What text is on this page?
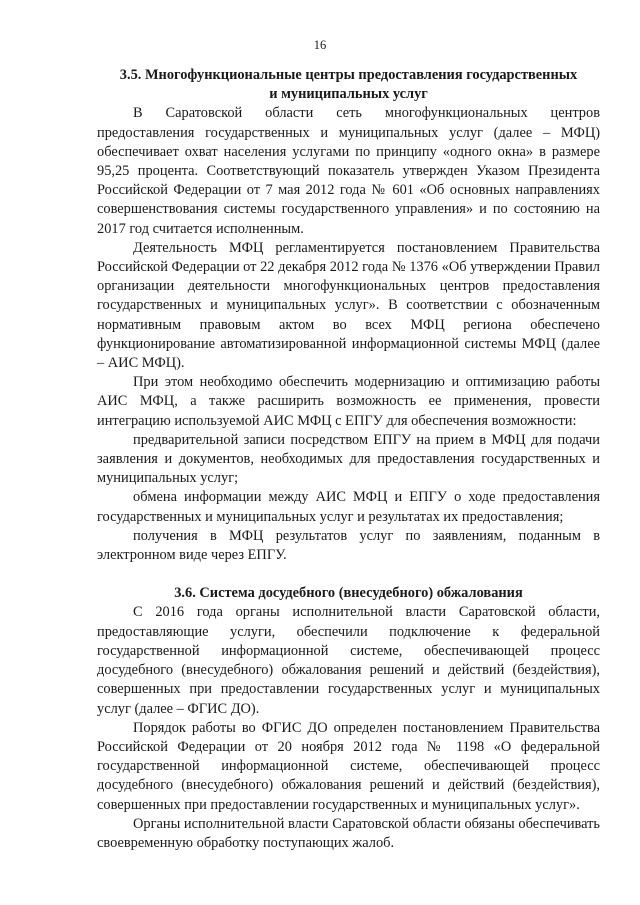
16
3.5. Многофункциональные центры предоставления государственных
и муниципальных услуг

В Саратовской области сеть многофункциональных центров предоставления государственных и муниципальных услуг (далее – МФЦ) обеспечивает охват населения услугами по принципу «одного окна» в размере 95,25 процента. Соответствующий показатель утвержден Указом Президента Российской Федерации от 7 мая 2012 года № 601 «Об основных направлениях совершенствования системы государственного управления» и по состоянию на 2017 год считается исполненным.

Деятельность МФЦ регламентируется постановлением Правительства Российской Федерации от 22 декабря 2012 года № 1376 «Об утверждении Правил организации деятельности многофункциональных центров предоставления государственных и муниципальных услуг». В соответствии с обозначенным нормативным правовым актом во всех МФЦ региона обеспечено функционирование автоматизированной информационной системы МФЦ (далее – АИС МФЦ).

При этом необходимо обеспечить модернизацию и оптимизацию работы АИС МФЦ, а также расширить возможность ее применения, провести интеграцию используемой АИС МФЦ с ЕПГУ для обеспечения возможности:

предварительной записи посредством ЕПГУ на прием в МФЦ для подачи заявления и документов, необходимых для предоставления государственных и муниципальных услуг;

обмена информации между АИС МФЦ и ЕПГУ о ходе предоставления государственных и муниципальных услуг и результатах их предоставления;

получения в МФЦ результатов услуг по заявлениям, поданным в электронном виде через ЕПГУ.

3.6. Система досудебного (внесудебного) обжалования

С 2016 года органы исполнительной власти Саратовской области, предоставляющие услуги, обеспечили подключение к федеральной государственной информационной системе, обеспечивающей процесс досудебного (внесудебного) обжалования решений и действий (бездействия), совершенных при предоставлении государственных услуг и муниципальных услуг (далее – ФГИС ДО).

Порядок работы во ФГИС ДО определен постановлением Правительства Российской Федерации от 20 ноября 2012 года № 1198 «О федеральной государственной информационной системе, обеспечивающей процесс досудебного (внесудебного) обжалования решений и действий (бездействия), совершенных при предоставлении государственных и муниципальных услуг».

Органы исполнительной власти Саратовской области обязаны обеспечивать своевременную обработку поступающих жалоб.
